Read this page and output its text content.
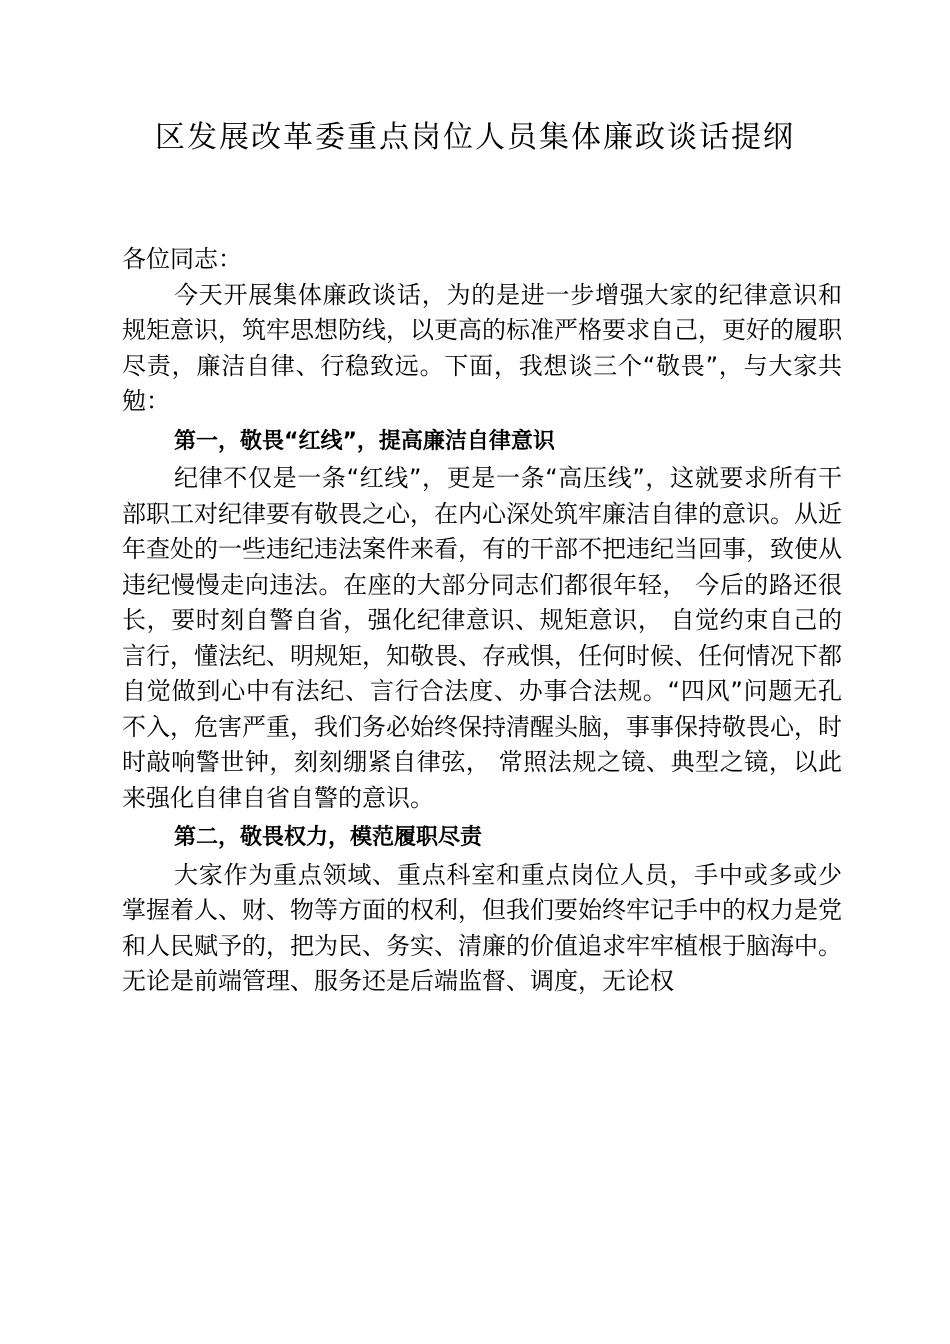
区发展改革委重点岗位人员集体廉政谈话提纲

各位同志：

今天开展集体廉政谈话，为的是进一步增强大家的纪律意识和规矩意识，筑牢思想防线，以更高的标准严格要求自己，更好的履职尽责，廉洁自律、行稳致远。下面，我想谈三个“敬畏”，与大家共勉：

第一，敬畏“红线”，提高廉洁自律意识

纪律不仅是一条“红线”，更是一条“高压线”，这就要求所有干部职工对纪律要有敬畏之心，在内心深处筑牢廉洁自律的意识。从近年查处的一些违纪违法案件来看，有的干部不把违纪当回事，致使从违纪慢慢走向违法。在座的大部分同志们都很年轻， 今后的路还很长，要时刻自警自省，强化纪律意识、规矩意识， 自觉约束自己的言行，懂法纪、明规矩，知敬畏、存戒惧，任何时候、任何情况下都自觉做到心中有法纪、言行合法度、办事合法规。“四风”问题无孔不入，危害严重，我们务必始终保持清醒头脑，事事保持敬畏心，时时敲响警世钟，刻刻绷紧自律弦， 常照法规之镜、典型之镜，以此来强化自律自省自警的意识。

第二，敬畏权力，模范履职尽责

大家作为重点领域、重点科室和重点岗位人员，手中或多或少掌握着人、财、物等方面的权利，但我们要始终牢记手中的权力是党和人民赋予的，把为民、务实、清廉的价值追求牢牢植根于脑海中。无论是前端管理、服务还是后端监督、调度，无论权
